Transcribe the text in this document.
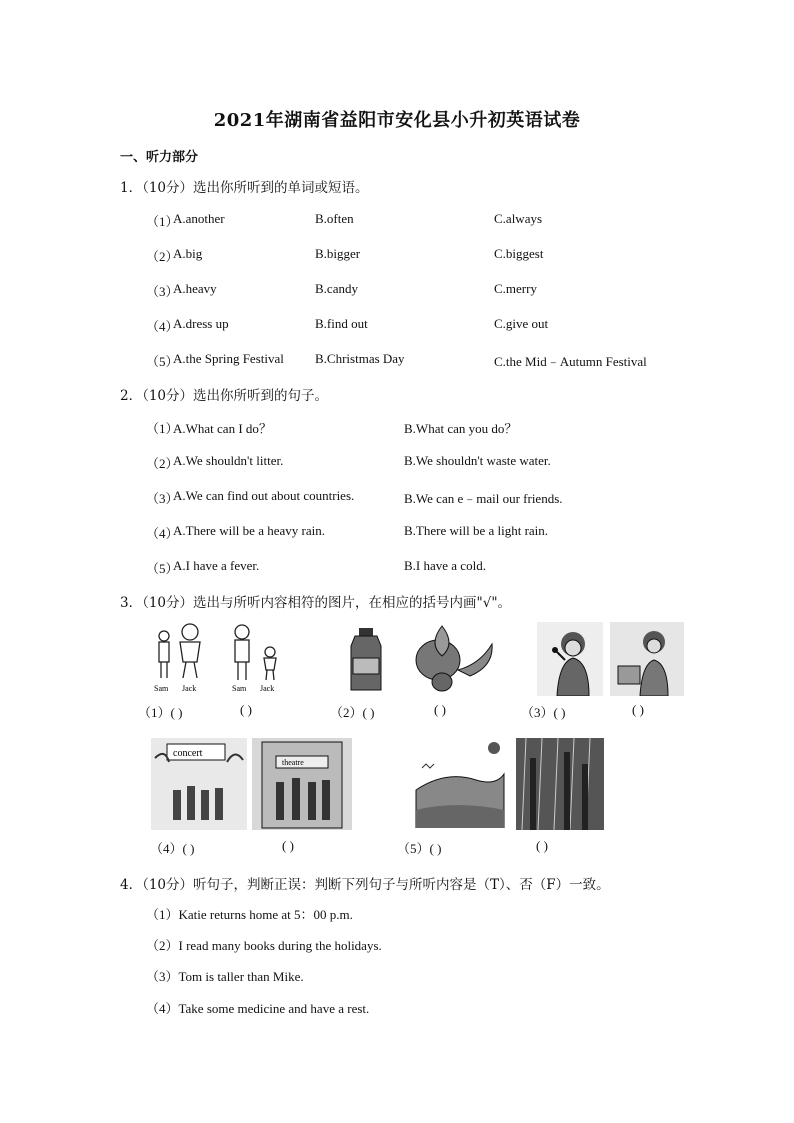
2021年湖南省益阳市安化县小升初英语试卷
一、听力部分
1．（10分）选出你所听到的单词或短语。
（1）
A.another	B.often	C.always
（2）
A.big	B.bigger	C.biggest
（3）
A.heavy	B.candy	C.merry
（4）
A.dress up	B.find out	C.give out
（5）
A.the Spring Festival B.Christmas Day	C.the Mid﹣Autumn Festival
2．（10分）选出你所听到的句子。
（1）
A.What can I do？	B.What can you do？
（2）
A.We shouldn't litter.	B.We shouldn't waste water.
（3）
A.We can find out about countries.	B.We can e﹣mail our friends.
（4）
A.There will be a heavy rain.	B.There will be a light rain.
（5）
A.I have a fever.	B.I have a cold.
3．（10分）选出与所听内容相符的图片，在相应的括号内画"√"。
Sam Jack	Sam Jack
（1）( )	( )	（2）( )	( )	（3）( )	( )
concert
theatre
（4）( )	( )	（5）( )	( )
4．（10分）听句子，判断正误：判断下列句子与所听内容是（T）、否（F）一致。
（1）Katie returns home at 5：00 p.m.
（2）I read many books during the holidays.
（3）Tom is taller than Mike.
（4）Take some medicine and have a rest.
